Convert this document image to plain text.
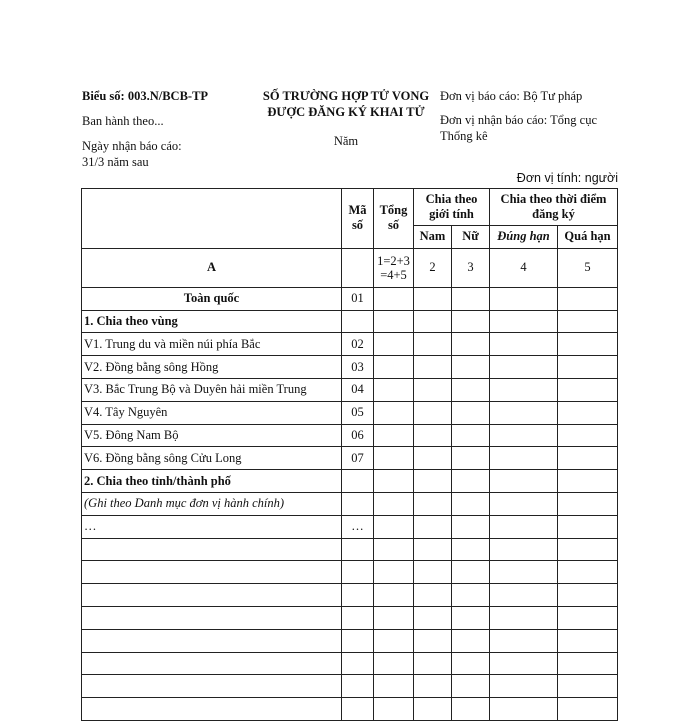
Biểu số: 003.N/BCB-TP
Ban hành theo...
Ngày nhận báo cáo:
31/3 năm sau
SỐ TRƯỜNG HỢP TỬ VONG
ĐƯỢC ĐĂNG KÝ KHAI TỬ
Năm
Đơn vị báo cáo: Bộ Tư pháp
Đơn vị nhận báo cáo: Tổng cục Thống kê
Đơn vị tính: người
	Mã số	Tổng số	Chia theo giới tính		Chia theo thời điểm đăng ký	
			Nam	Nữ	Đúng hạn	Quá hạn
A		1=2+3 =4+5	2	3	4	5
Toàn quốc	01					
1. Chia theo vùng						
V1. Trung du và miền núi phía Bắc	02					
V2. Đồng bằng sông Hồng	03					
V3. Bắc Trung Bộ và Duyên hải miền Trung	04					
V4. Tây Nguyên	05					
V5. Đông Nam Bộ	06					
V6. Đồng bằng sông Cửu Long	07					
2. Chia theo tỉnh/thành phố						
(Ghi theo Danh mục đơn vị hành chính)						
…	…					
